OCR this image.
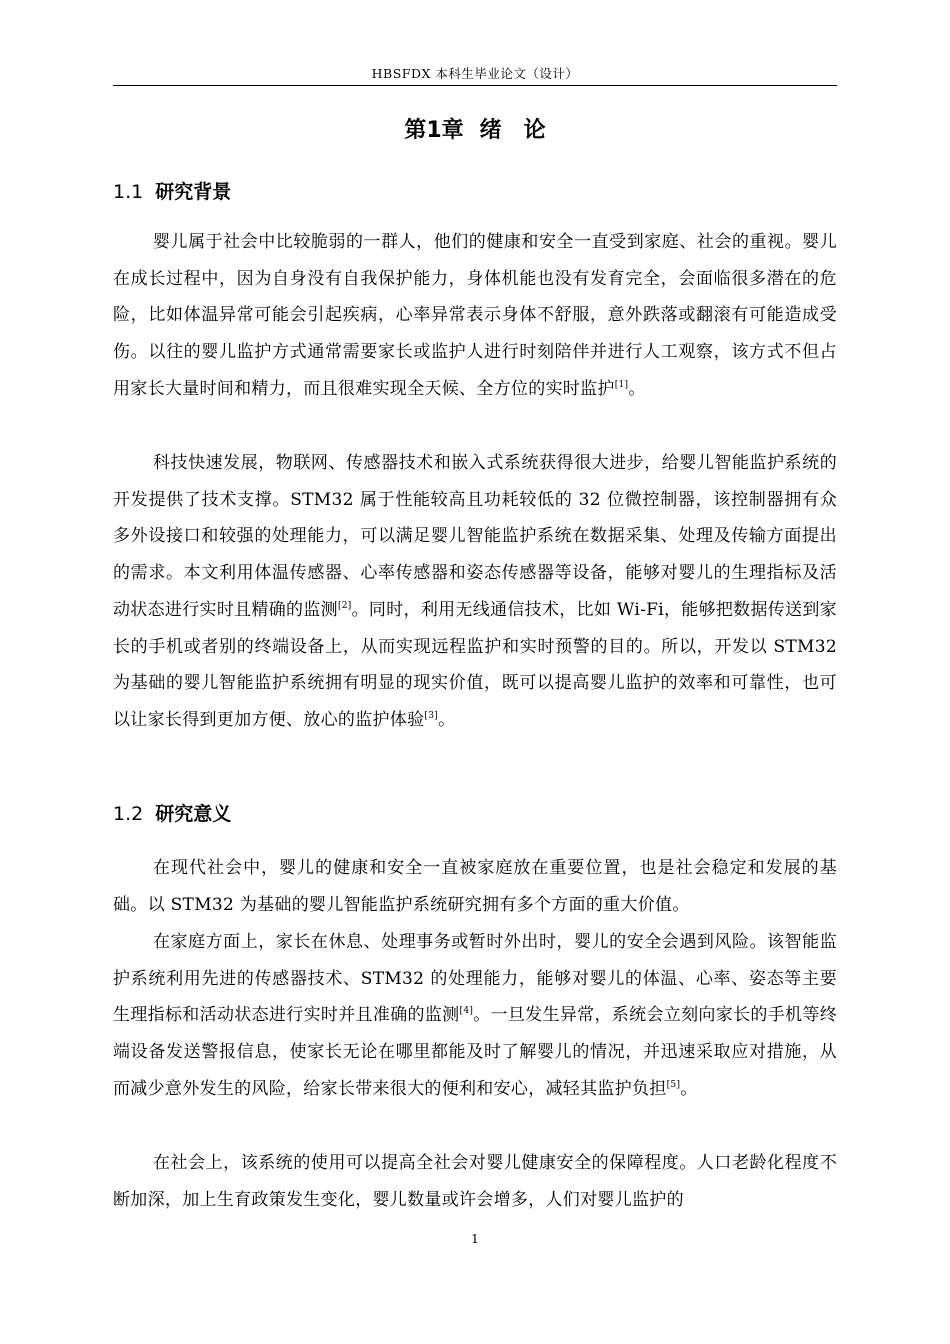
HBSFDX 本科生毕业论文（设计）
第1章 绪　论
1.1 研究背景

婴儿属于社会中比较脆弱的一群人，他们的健康和安全一直受到家庭、社会的重视。婴儿在成长过程中，因为自身没有自我保护能力，身体机能也没有发育完全，会面临很多潜在的危险，比如体温异常可能会引起疾病，心率异常表示身体不舒服，意外跌落或翻滚有可能造成受伤。以往的婴儿监护方式通常需要家长或监护人进行时刻陪伴并进行人工观察，该方式不但占用家长大量时间和精力，而且很难实现全天候、全方位的实时监护[1]。

科技快速发展，物联网、传感器技术和嵌入式系统获得很大进步，给婴儿智能监护系统的开发提供了技术支撑。STM32 属于性能较高且功耗较低的 32 位微控制器，该控制器拥有众多外设接口和较强的处理能力，可以满足婴儿智能监护系统在数据采集、处理及传输方面提出的需求。本文利用体温传感器、心率传感器和姿态传感器等设备，能够对婴儿的生理指标及活动状态进行实时且精确的监测[2]。同时，利用无线通信技术，比如 Wi-Fi，能够把数据传送到家长的手机或者别的终端设备上，从而实现远程监护和实时预警的目的。所以，开发以 STM32 为基础的婴儿智能监护系统拥有明显的现实价值，既可以提高婴儿监护的效率和可靠性，也可以让家长得到更加方便、放心的监护体验[3]。

1.2 研究意义

在现代社会中，婴儿的健康和安全一直被家庭放在重要位置，也是社会稳定和发展的基础。以 STM32 为基础的婴儿智能监护系统研究拥有多个方面的重大价值。

在家庭方面上，家长在休息、处理事务或暂时外出时，婴儿的安全会遇到风险。该智能监护系统利用先进的传感器技术、STM32 的处理能力，能够对婴儿的体温、心率、姿态等主要生理指标和活动状态进行实时并且准确的监测[4]。一旦发生异常，系统会立刻向家长的手机等终端设备发送警报信息，使家长无论在哪里都能及时了解婴儿的情况，并迅速采取应对措施，从而减少意外发生的风险，给家长带来很大的便利和安心，减轻其监护负担[5]。

在社会上，该系统的使用可以提高全社会对婴儿健康安全的保障程度。人口老龄化程度不断加深，加上生育政策发生变化，婴儿数量或许会增多，人们对婴儿监护的

1
